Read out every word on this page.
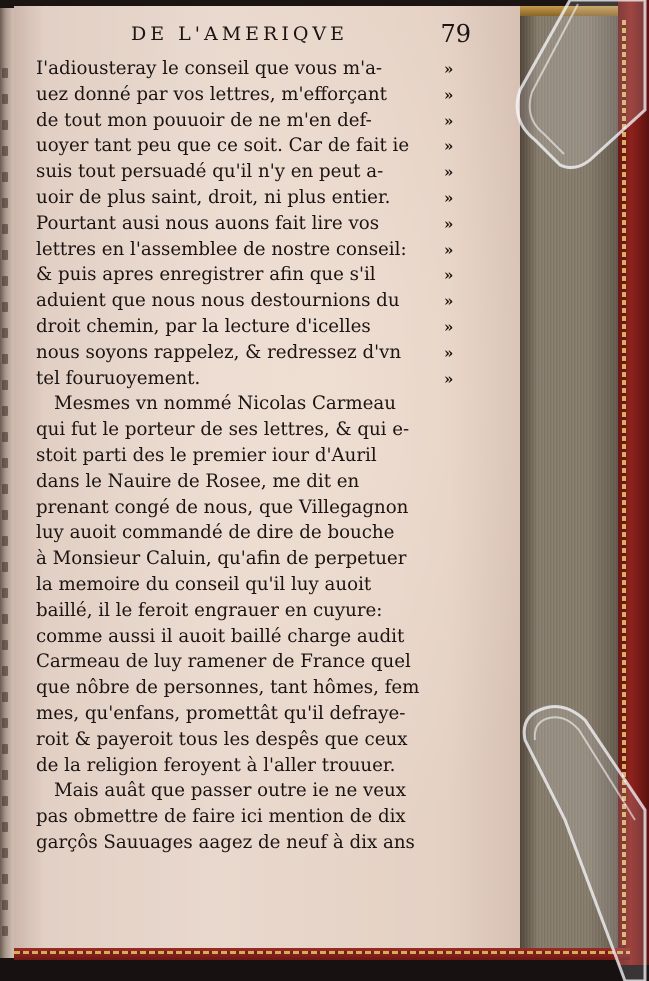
DE L'AMERIQVE	79
I'adiousteray le conseil que vous m'a-	»
uez donné par vos lettres, m'efforçant	»
de tout mon pouuoir de ne m'en def-	»
uoyer tant peu que ce soit. Car de fait ie »
suis tout persuadé qu'il n'y en peut a-	»
uoir de plus saint, droit, ni plus entier.	»
Pourtant ausi nous auons fait lire vos	»
lettres en l'assemblee de nostre conseil: »
& puis apres enregistrer afin que s'il	»
aduient que nous nous destournions du	»
droit chemin, par la lecture d'icelles	»
nous soyons rappelez, & redressez d'vn	»
tel fouruoyement.	»
Mesmes vn nommé Nicolas Carmeau
qui fut le porteur de ses lettres, & qui e-
stoit parti des le premier iour d'Auril
dans le Nauire de Rosee, me dit en
prenant congé de nous, que Villegagnon
luy auoit commandé de dire de bouche
à Monsieur Caluin, qu'afin de perpetuer
la memoire du conseil qu'il luy auoit
baillé, il le feroit engrauer en cuyure:
comme aussi il auoit baillé charge audit
Carmeau de luy ramener de France quel
que nôbre de personnes, tant hômes, fem
mes, qu'enfans, promettât qu'il defraye-
roit & payeroit tous les despês que ceux
de la religion feroyent à l'aller trouuer.
Mais auât que passer outre ie ne veux
pas obmettre de faire ici mention de dix
garçôs Sauuages aagez de neuf à dix ans
